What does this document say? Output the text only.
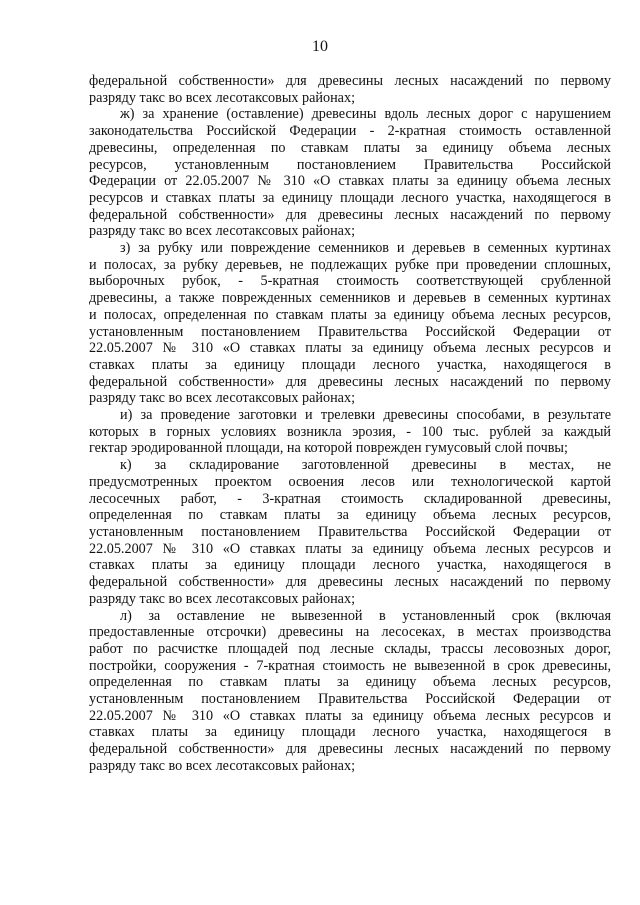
10
федеральной собственности» для древесины лесных насаждений по первому
разряду такс во всех лесотаксовых районах;
ж) за хранение (оставление) древесины вдоль лесных дорог с нарушением
законодательства Российской Федерации - 2-кратная стоимость оставленной
древесины, определенная по ставкам платы за единицу объема лесных
ресурсов, установленным постановлением Правительства Российской
Федерации от 22.05.2007 № 310 «О ставках платы за единицу объема лесных
ресурсов и ставках платы за единицу площади лесного участка, находящегося в
федеральной собственности» для древесины лесных насаждений по первому
разряду такс во всех лесотаксовых районах;
з) за рубку или повреждение семенников и деревьев в семенных куртинах
и полосах, за рубку деревьев, не подлежащих рубке при проведении сплошных,
выборочных рубок, - 5-кратная стоимость соответствующей срубленной
древесины, а также поврежденных семенников и деревьев в семенных куртинах
и полосах, определенная по ставкам платы за единицу объема лесных ресурсов,
установленным постановлением Правительства Российской Федерации от
22.05.2007 № 310 «О ставках платы за единицу объема лесных ресурсов и
ставках платы за единицу площади лесного участка, находящегося в
федеральной собственности» для древесины лесных насаждений по первому
разряду такс во всех лесотаксовых районах;
и) за проведение заготовки и трелевки древесины способами, в результате
которых в горных условиях возникла эрозия, - 100 тыс. рублей за каждый
гектар эродированной площади, на которой поврежден гумусовый слой почвы;
к) за складирование заготовленной древесины в местах, не
предусмотренных проектом освоения лесов или технологической картой
лесосечных работ, - 3-кратная стоимость складированной древесины,
определенная по ставкам платы за единицу объема лесных ресурсов,
установленным постановлением Правительства Российской Федерации от
22.05.2007 № 310 «О ставках платы за единицу объема лесных ресурсов и
ставках платы за единицу площади лесного участка, находящегося в
федеральной собственности» для древесины лесных насаждений по первому
разряду такс во всех лесотаксовых районах;
л) за оставление не вывезенной в установленный срок (включая
предоставленные отсрочки) древесины на лесосеках, в местах производства
работ по расчистке площадей под лесные склады, трассы лесовозных дорог,
постройки, сооружения - 7-кратная стоимость не вывезенной в срок древесины,
определенная по ставкам платы за единицу объема лесных ресурсов,
установленным постановлением Правительства Российской Федерации от
22.05.2007 № 310 «О ставках платы за единицу объема лесных ресурсов и
ставках платы за единицу площади лесного участка, находящегося в
федеральной собственности» для древесины лесных насаждений по первому
разряду такс во всех лесотаксовых районах;
